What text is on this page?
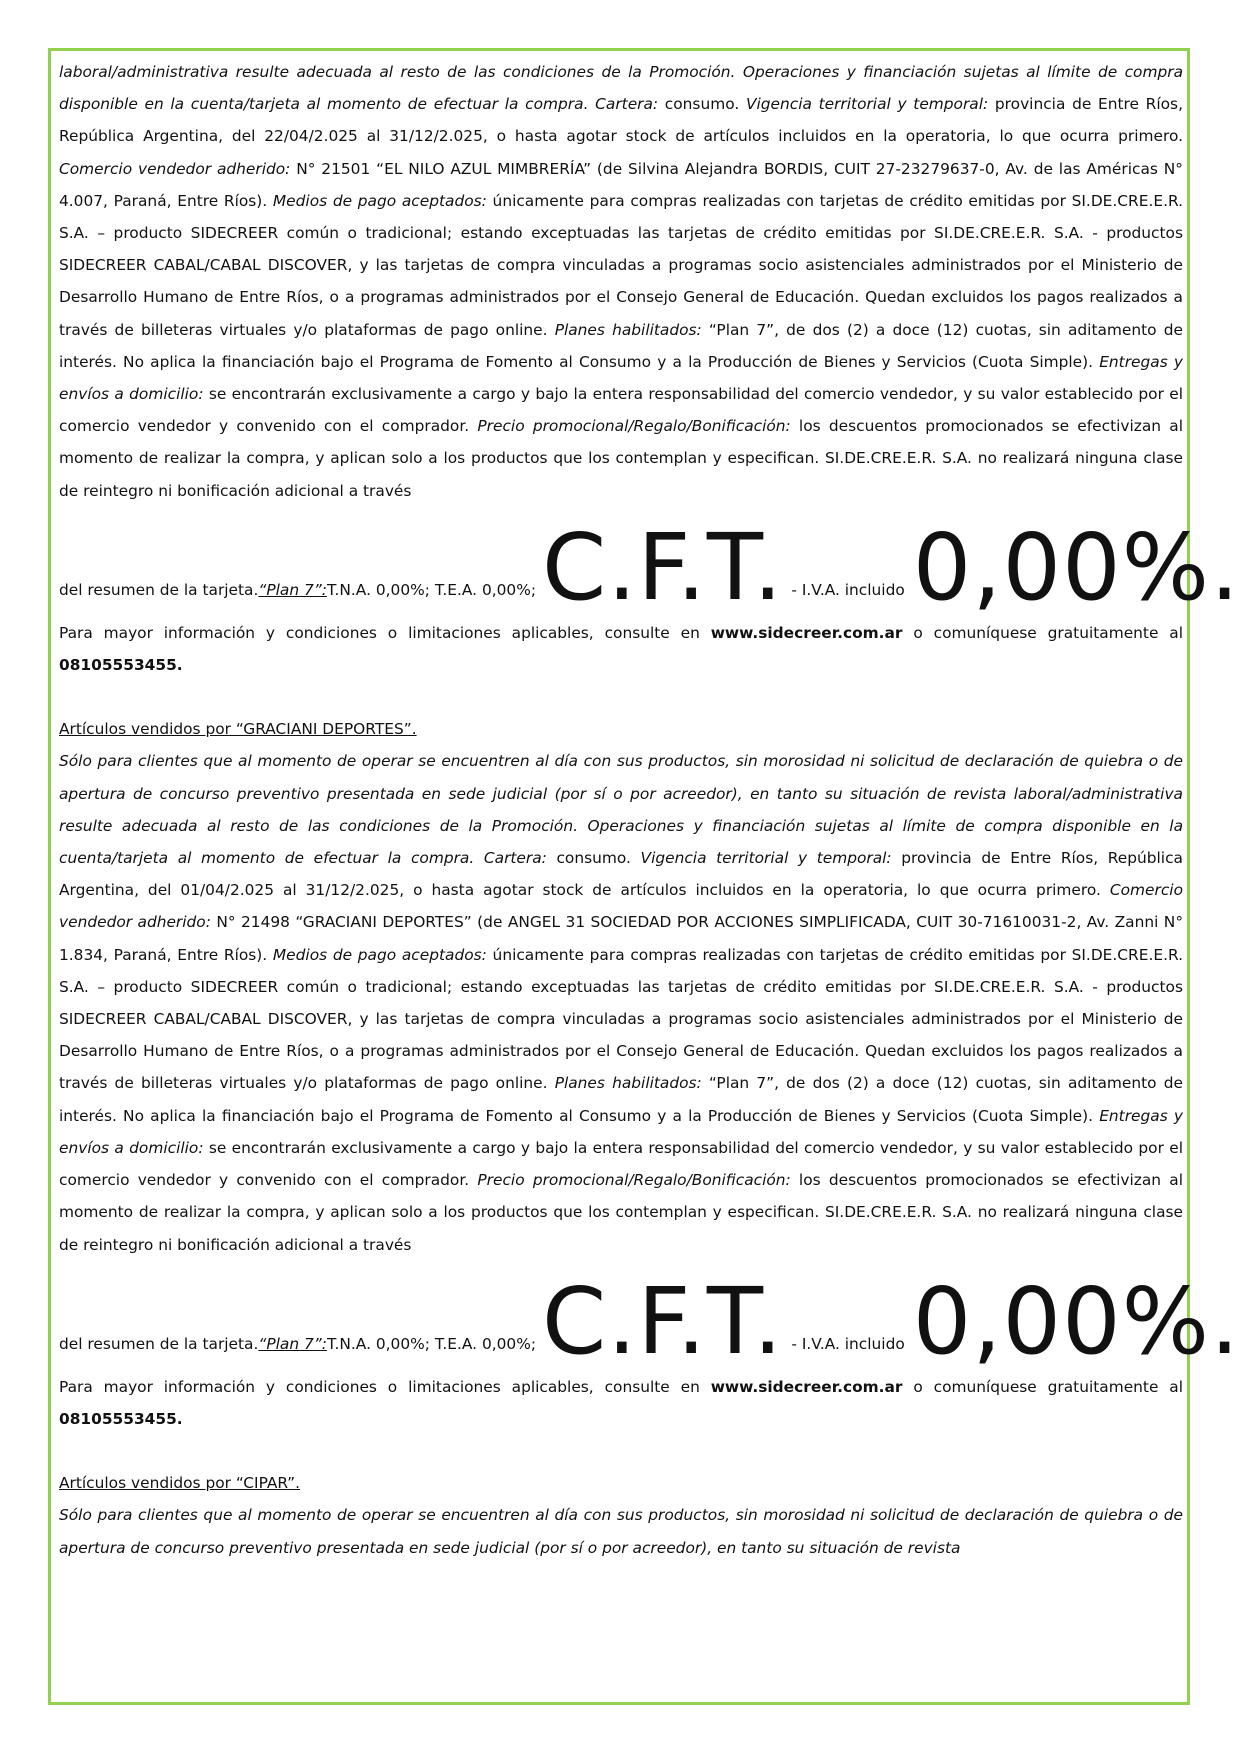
laboral/administrativa resulte adecuada al resto de las condiciones de la Promoción. Operaciones y financiación sujetas al límite de compra disponible en la cuenta/tarjeta al momento de efectuar la compra. Cartera: consumo. Vigencia territorial y temporal: provincia de Entre Ríos, República Argentina, del 22/04/2.025 al 31/12/2.025, o hasta agotar stock de artículos incluidos en la operatoria, lo que ocurra primero. Comercio vendedor adherido: N° 21501 “EL NILO AZUL MIMBRERÍA” (de Silvina Alejandra BORDIS, CUIT 27-23279637-0, Av. de las Américas N° 4.007, Paraná, Entre Ríos). Medios de pago aceptados: únicamente para compras realizadas con tarjetas de crédito emitidas por SI.DE.CRE.E.R. S.A. – producto SIDECREER común o tradicional; estando exceptuadas las tarjetas de crédito emitidas por SI.DE.CRE.E.R. S.A. - productos SIDECREER CABAL/CABAL DISCOVER, y las tarjetas de compra vinculadas a programas socio asistenciales administrados por el Ministerio de Desarrollo Humano de Entre Ríos, o a programas administrados por el Consejo General de Educación. Quedan excluidos los pagos realizados a través de billeteras virtuales y/o plataformas de pago online. Planes habilitados: “Plan 7”, de dos (2) a doce (12) cuotas, sin aditamento de interés. No aplica la financiación bajo el Programa de Fomento al Consumo y a la Producción de Bienes y Servicios (Cuota Simple). Entregas y envíos a domicilio: se encontrarán exclusivamente a cargo y bajo la entera responsabilidad del comercio vendedor, y su valor establecido por el comercio vendedor y convenido con el comprador. Precio promocional/Regalo/Bonificación: los descuentos promocionados se efectivizan al momento de realizar la compra, y aplican solo a los productos que los contemplan y especifican. SI.DE.CRE.E.R. S.A. no realizará ninguna clase de reintegro ni bonificación adicional a través

del resumen de la tarjeta. “Plan 7”: T.N.A. 0,00%; T.E.A. 0,00%; C.F.T. - I.V.A. incluido 0,00%.

Para mayor información y condiciones o limitaciones aplicables, consulte en www.sidecreer.com.ar o comuníquese gratuitamente al 08105553455.

Artículos vendidos por “GRACIANI DEPORTES”.

Sólo para clientes que al momento de operar se encuentren al día con sus productos, sin morosidad ni solicitud de declaración de quiebra o de apertura de concurso preventivo presentada en sede judicial (por sí o por acreedor), en tanto su situación de revista laboral/administrativa resulte adecuada al resto de las condiciones de la Promoción. Operaciones y financiación sujetas al límite de compra disponible en la cuenta/tarjeta al momento de efectuar la compra. Cartera: consumo. Vigencia territorial y temporal: provincia de Entre Ríos, República Argentina, del 01/04/2.025 al 31/12/2.025, o hasta agotar stock de artículos incluidos en la operatoria, lo que ocurra primero. Comercio vendedor adherido: N° 21498 “GRACIANI DEPORTES” (de ANGEL 31 SOCIEDAD POR ACCIONES SIMPLIFICADA, CUIT 30-71610031-2, Av. Zanni N° 1.834, Paraná, Entre Ríos). Medios de pago aceptados: únicamente para compras realizadas con tarjetas de crédito emitidas por SI.DE.CRE.E.R. S.A. – producto SIDECREER común o tradicional; estando exceptuadas las tarjetas de crédito emitidas por SI.DE.CRE.E.R. S.A. - productos SIDECREER CABAL/CABAL DISCOVER, y las tarjetas de compra vinculadas a programas socio asistenciales administrados por el Ministerio de Desarrollo Humano de Entre Ríos, o a programas administrados por el Consejo General de Educación. Quedan excluidos los pagos realizados a través de billeteras virtuales y/o plataformas de pago online. Planes habilitados: “Plan 7”, de dos (2) a doce (12) cuotas, sin aditamento de interés. No aplica la financiación bajo el Programa de Fomento al Consumo y a la Producción de Bienes y Servicios (Cuota Simple). Entregas y envíos a domicilio: se encontrarán exclusivamente a cargo y bajo la entera responsabilidad del comercio vendedor, y su valor establecido por el comercio vendedor y convenido con el comprador. Precio promocional/Regalo/Bonificación: los descuentos promocionados se efectivizan al momento de realizar la compra, y aplican solo a los productos que los contemplan y especifican. SI.DE.CRE.E.R. S.A. no realizará ninguna clase de reintegro ni bonificación adicional a través

del resumen de la tarjeta. “Plan 7”: T.N.A. 0,00%; T.E.A. 0,00%; C.F.T. - I.V.A. incluido 0,00%.

Para mayor información y condiciones o limitaciones aplicables, consulte en www.sidecreer.com.ar o comuníquese gratuitamente al 08105553455.

Artículos vendidos por “CIPAR”.

Sólo para clientes que al momento de operar se encuentren al día con sus productos, sin morosidad ni solicitud de declaración de quiebra o de apertura de concurso preventivo presentada en sede judicial (por sí o por acreedor), en tanto su situación de revista
